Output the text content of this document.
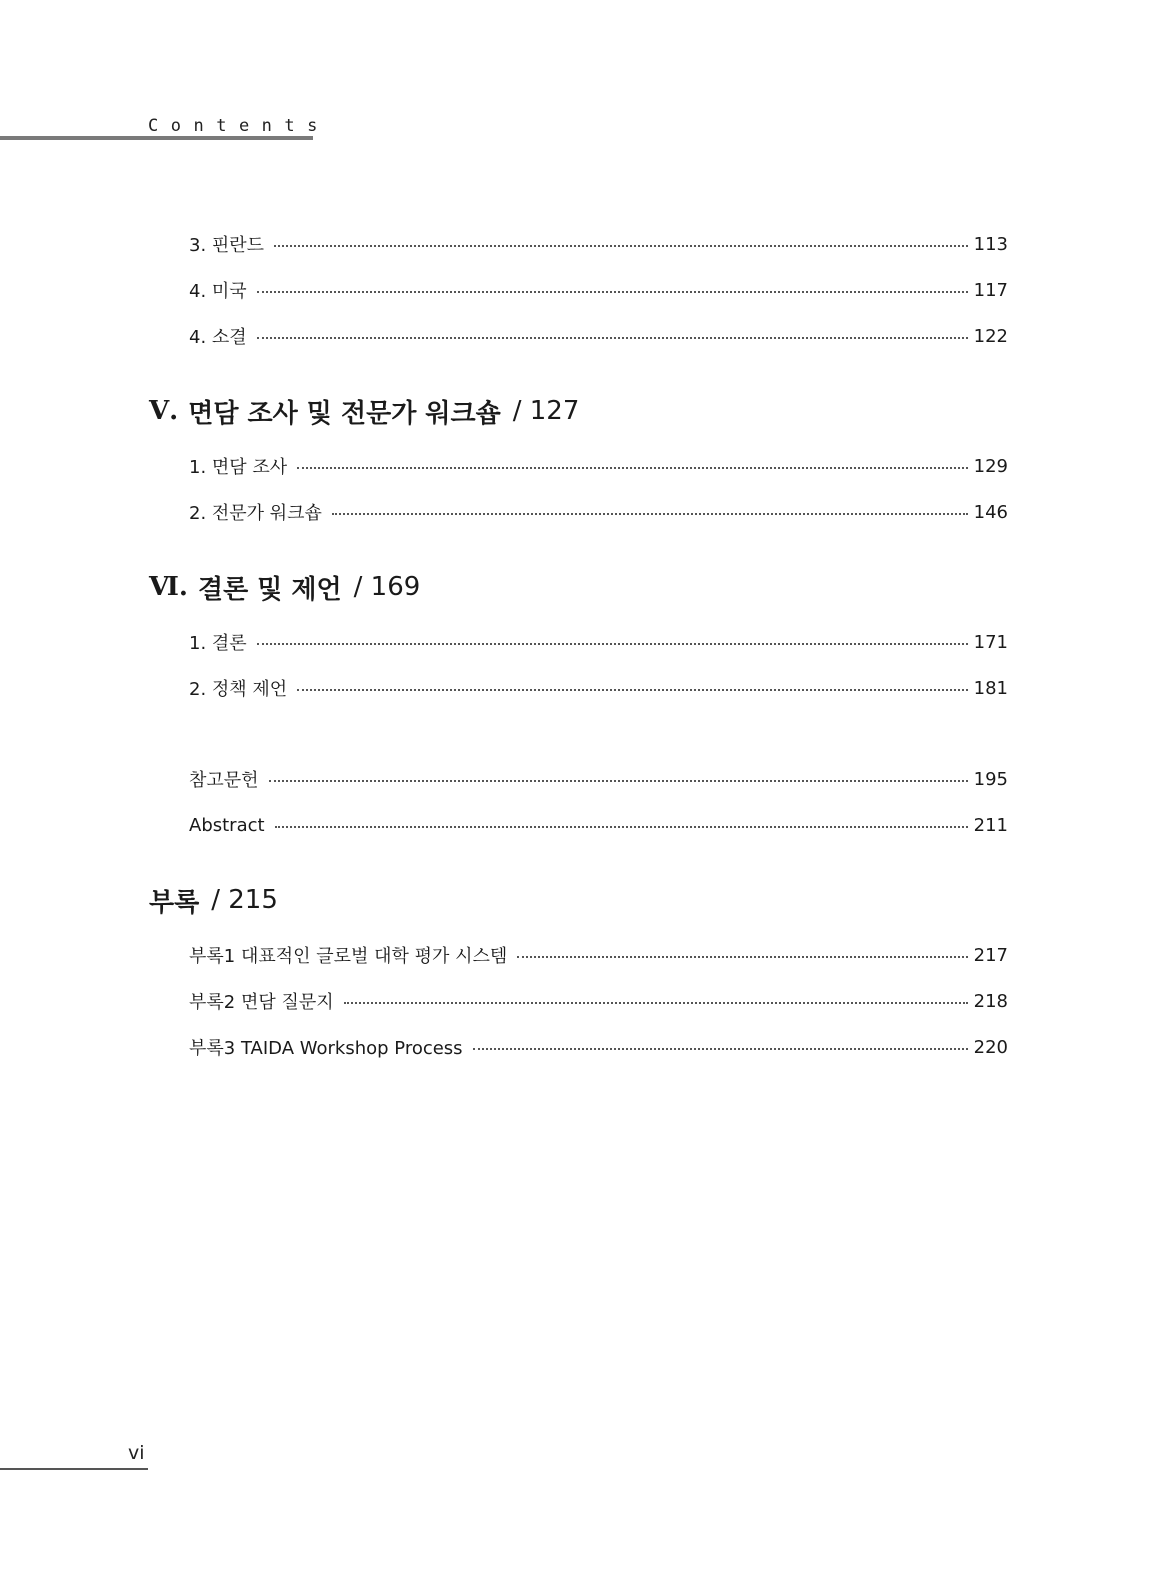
Contents
3. 핀란드	113
4. 미국	117
4. 소결	122
Ⅴ. 면담 조사 및 전문가 워크숍 / 127
1. 면담 조사	129
2. 전문가 워크숍	146
Ⅵ. 결론 및 제언 / 169
1. 결론	171
2. 정책 제언	181
참고문헌	195
Abstract	211
부록 / 215
부록1 대표적인 글로벌 대학 평가 시스템	217
부록2 면담 질문지	218
부록3 TAIDA Workshop Process	220
vi
